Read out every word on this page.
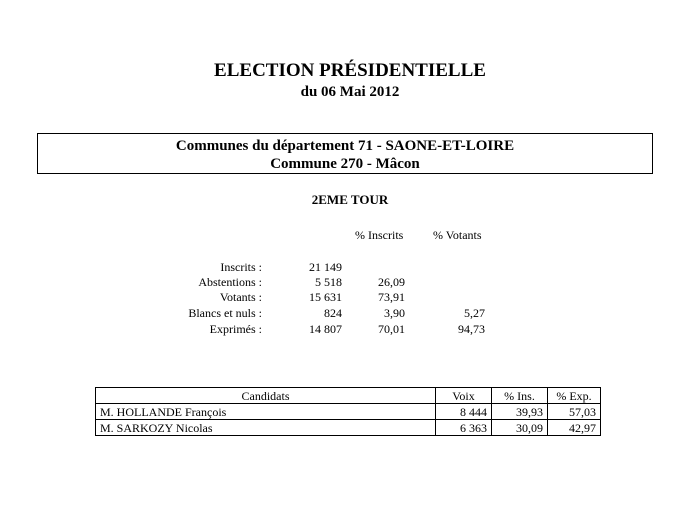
ELECTION PRÉSIDENTIELLE
du 06 Mai 2012
Communes du département 71 - SAONE-ET-LOIRE
Commune 270 - Mâcon
2EME TOUR
% Inscrits % Votants
Inscrits :	21 149
Abstentions :	5 518	26,09
Votants :	15 631	73,91
Blancs et nuls :	824	3,90	5,27
Exprimés :	14 807	70,01	94,73
Candidats	Voix	% Ins.	% Exp.
M. HOLLANDE François	8 444	39,93	57,03
M. SARKOZY Nicolas	6 363	30,09	42,97
